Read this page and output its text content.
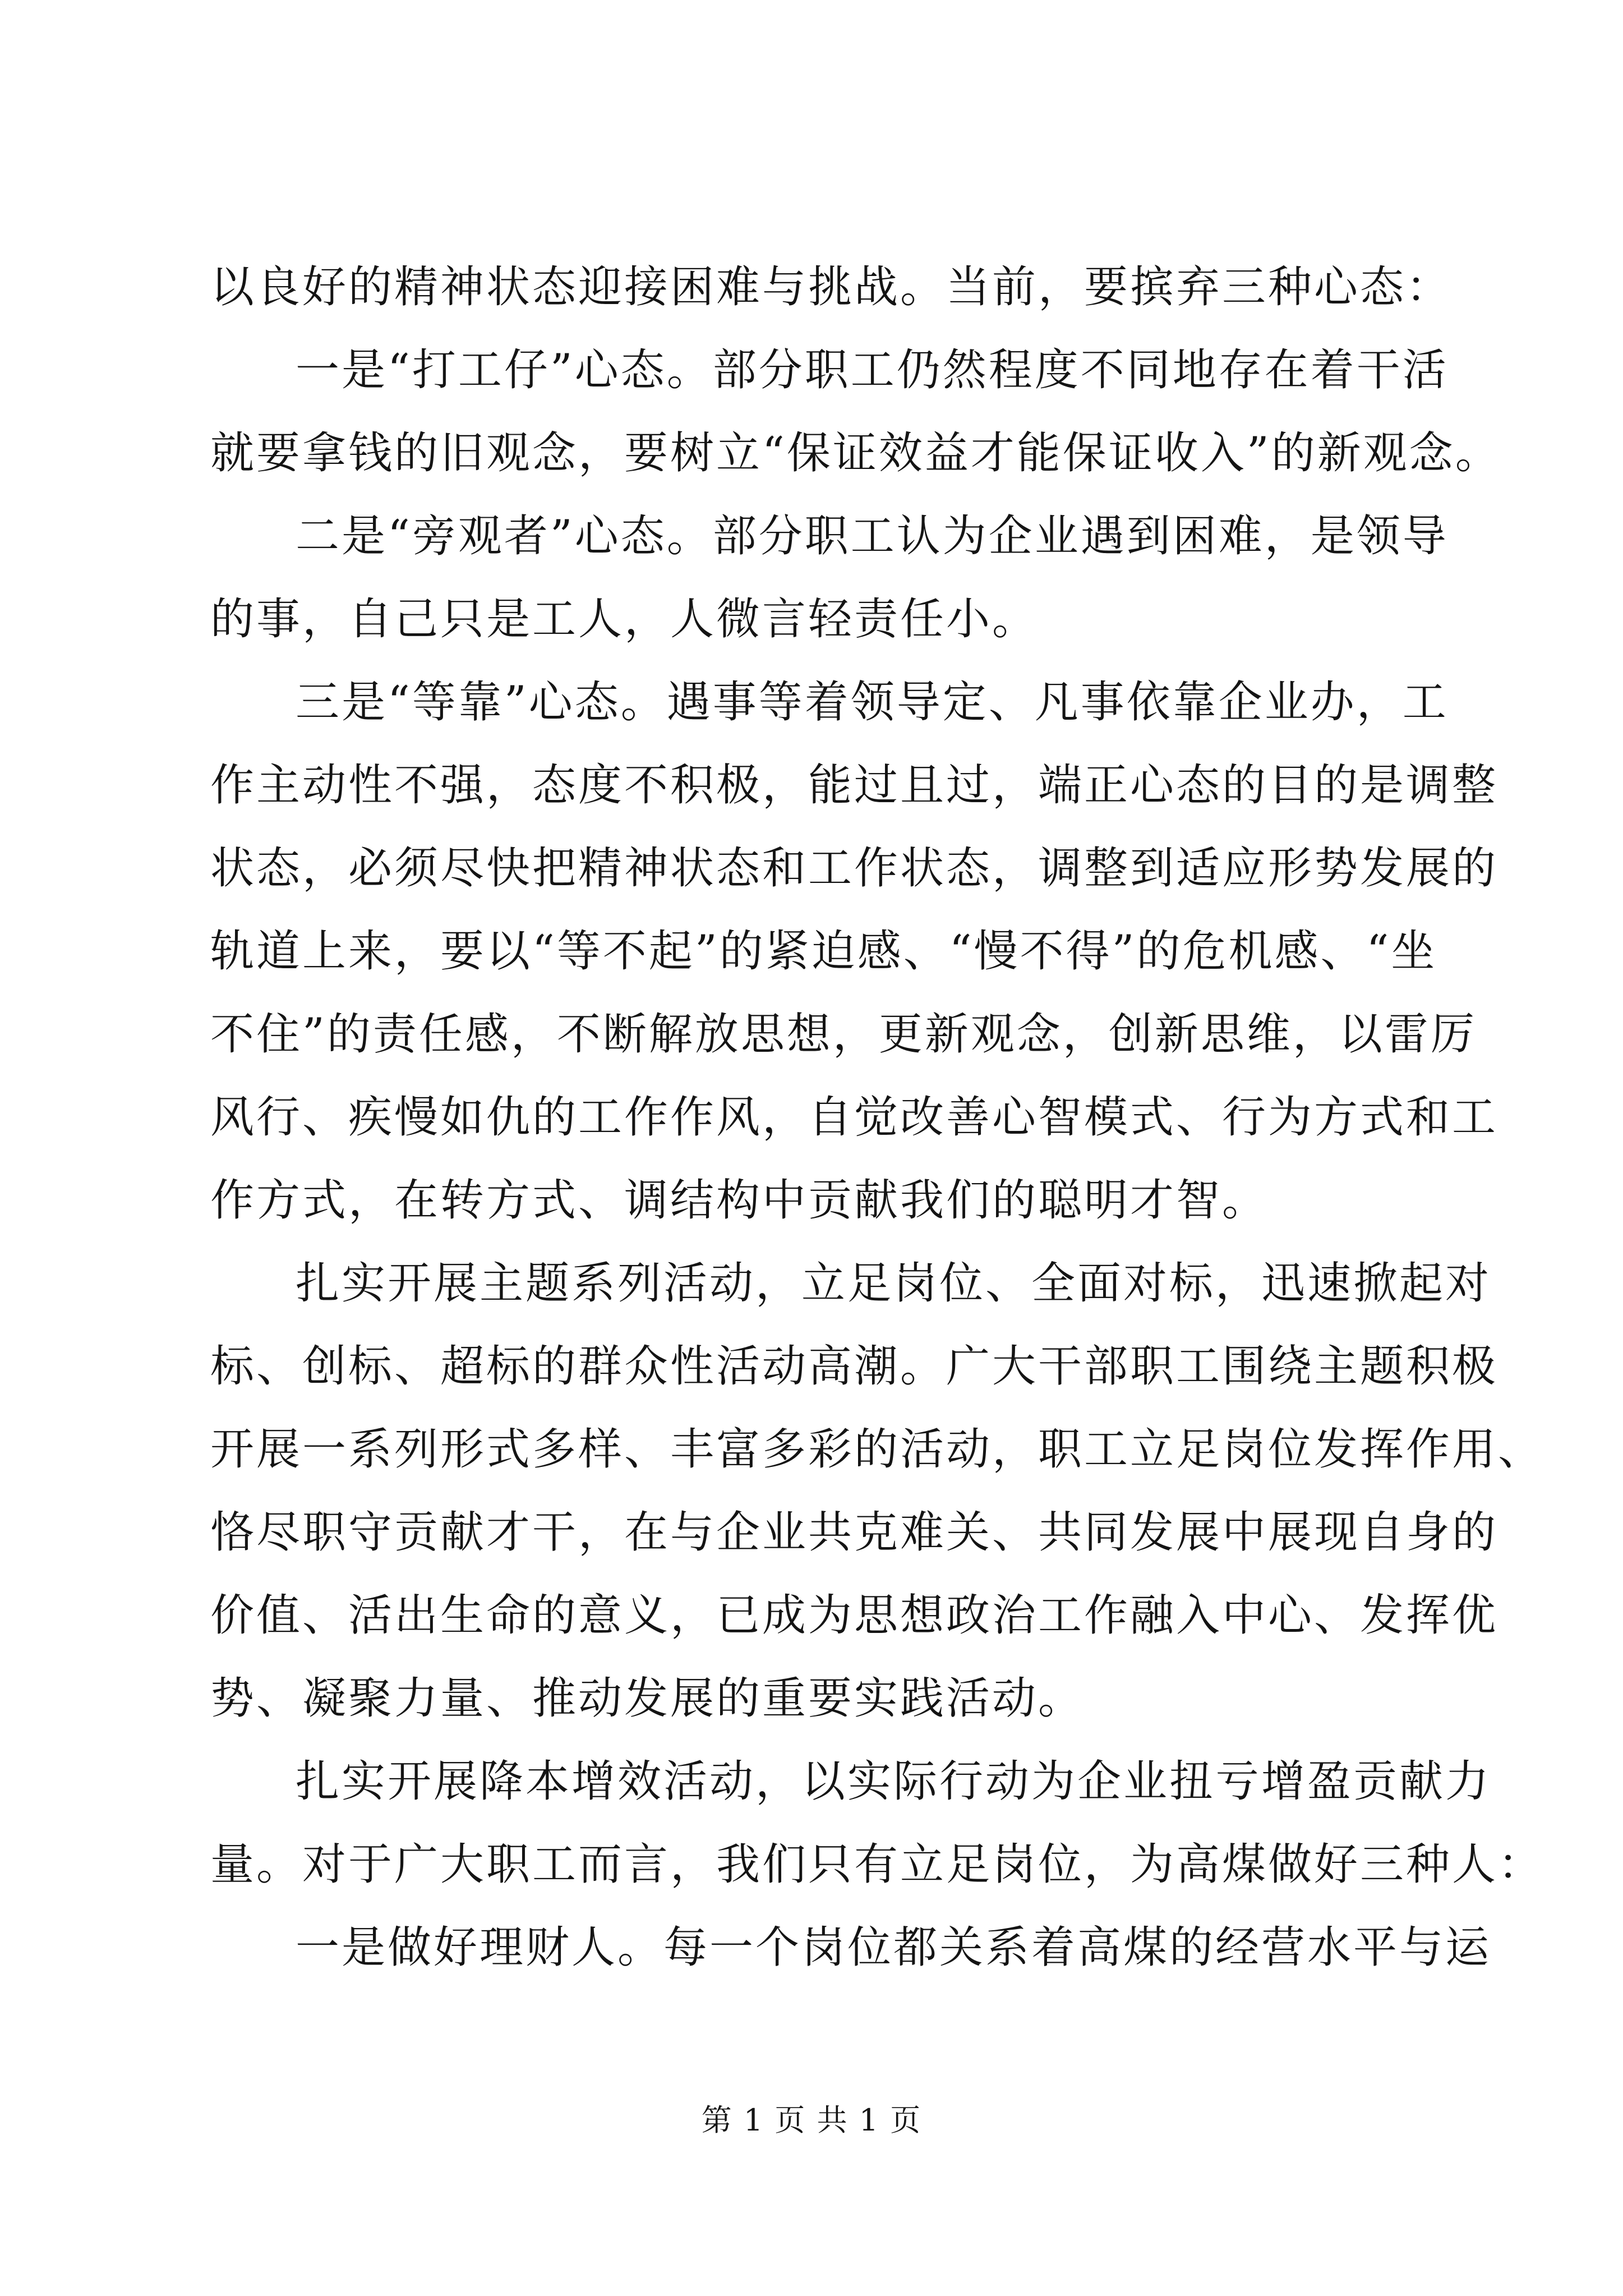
以良好的精神状态迎接困难与挑战。当前，要摈弃三种心态：
一是“打工仔”心态。部分职工仍然程度不同地存在着干活
就要拿钱的旧观念，要树立“保证效益才能保证收入”的新观念。
二是“旁观者”心态。部分职工认为企业遇到困难，是领导
的事，自己只是工人，人微言轻责任小。
三是“等靠”心态。遇事等着领导定、凡事依靠企业办，工
作主动性不强，态度不积极，能过且过，端正心态的目的是调整
状态，必须尽快把精神状态和工作状态，调整到适应形势发展的
轨道上来，要以“等不起”的紧迫感、“慢不得”的危机感、“坐
不住”的责任感，不断解放思想，更新观念，创新思维，以雷厉
风行、疾慢如仇的工作作风，自觉改善心智模式、行为方式和工
作方式，在转方式、调结构中贡献我们的聪明才智。
扎实开展主题系列活动，立足岗位、全面对标，迅速掀起对
标、创标、超标的群众性活动高潮。广大干部职工围绕主题积极
开展一系列形式多样、丰富多彩的活动，职工立足岗位发挥作用、
恪尽职守贡献才干，在与企业共克难关、共同发展中展现自身的
价值、活出生命的意义，已成为思想政治工作融入中心、发挥优
势、凝聚力量、推动发展的重要实践活动。
扎实开展降本增效活动，以实际行动为企业扭亏增盈贡献力
量。对于广大职工而言，我们只有立足岗位，为高煤做好三种人：
一是做好理财人。每一个岗位都关系着高煤的经营水平与运
第 1 页 共 1 页
